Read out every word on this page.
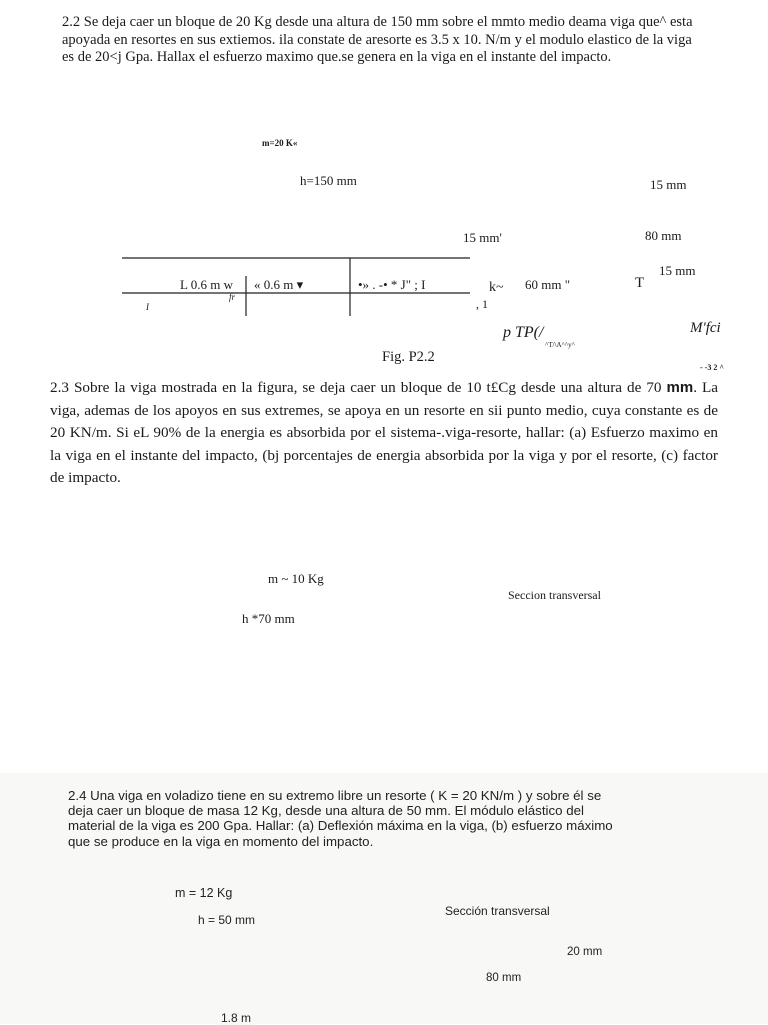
2.2 Se deja caer un bloque de 20 Kg desde una altura de 150 mm sobre el mmto medio deama viga que^ esta apoyada en resortes en sus extiemos. ila constate de aresorte es 3.5 x 10. N/m y el modulo elastico de la viga es de 20<j Gpa. Hallax el esfuerzo maximo que.se genera en la viga en el instante del impacto.
m=20 K«
h=150 mm	15 mm
15 mm'	80 mm
15 mm
L 0.6 m w « 0.6 m ▾	•» . -• * J" ; I	k~ 60 mm "	T
fr
I	, 1
p TP(/
^T/\A^^y^
M'fci
Fig. P2.2
- -3 2 ^
2.3 Sobre la viga mostrada en la figura, se deja caer un bloque de 10 t£Cg desde una altura de 70 mm. La viga, ademas de los apoyos en sus extremes, se apoya en un resorte en sii punto medio, cuya constante es de 20 KN/m. Si eL 90% de la energia es absorbida por el sistema-.viga-resorte, hallar: (a) Esfuerzo maximo en la viga en el instante del impacto, (bj porcentajes de energia absorbida por la viga y por el resorte, (c) factor de impacto.
m ~ 10 Kg
h *70 mm
Seccion transversal
2.4 Una viga en voladizo tiene en su extremo libre un resorte ( K = 20 KN/m ) y sobre él se deja caer un bloque de masa 12 Kg, desde una altura de 50 mm. El módulo elástico del material de la viga es 200 Gpa. Hallar: (a) Deflexión máxima en la viga, (b) esfuerzo máximo que se produce en la viga en momento del impacto.
m = 12 Kg
h = 50 mm
Sección transversal
20 mm
80 mm
1.8 m
